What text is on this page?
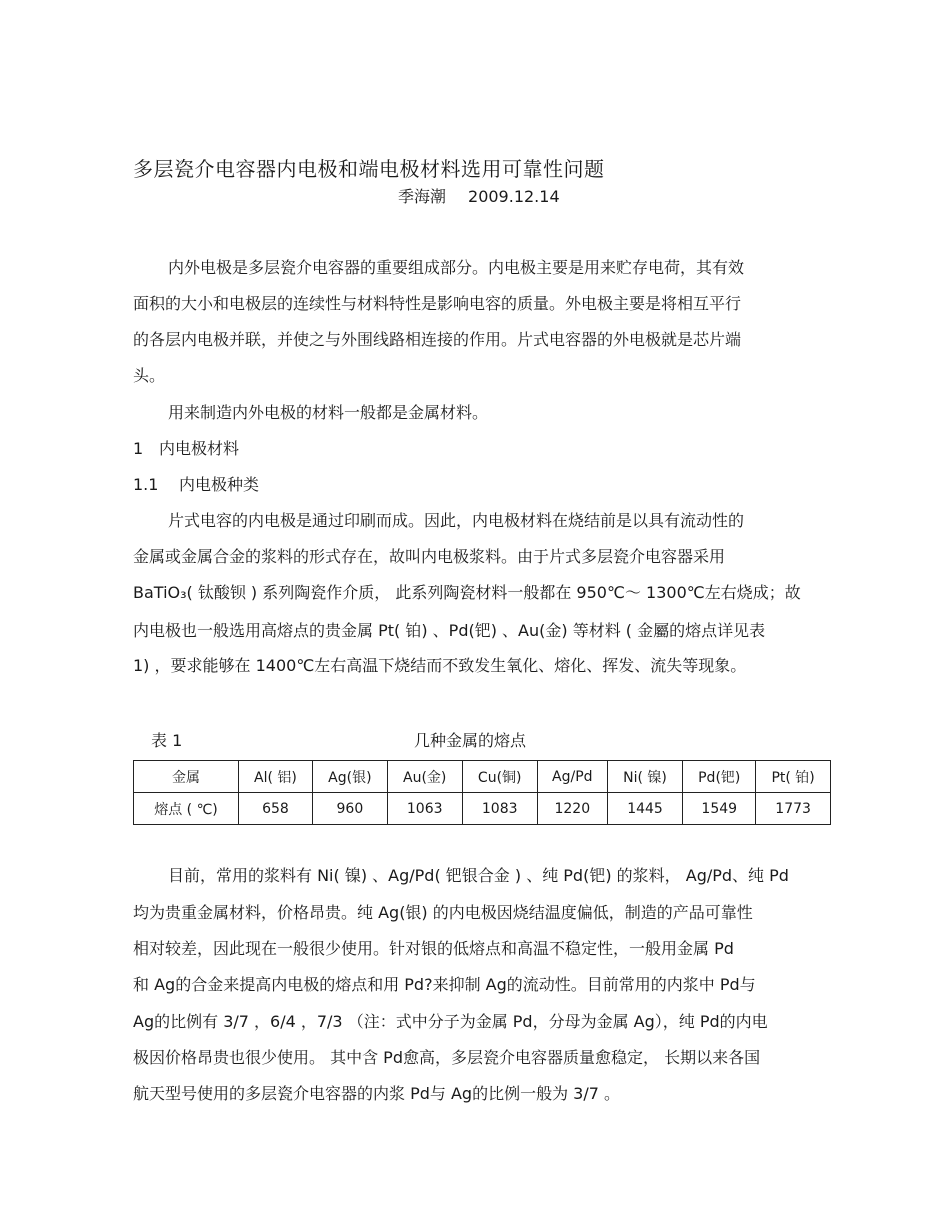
多层瓷介电容器内电极和端电极材料选用可靠性问题
季海潮 2009.12.14
内外电极是多层瓷介电容器的重要组成部分。内电极主要是用来贮存电荷，其有效
面积的大小和电极层的连续性与材料特性是影响电容的质量。外电极主要是将相互平行
的各层内电极并联，并使之与外围线路相连接的作用。片式电容器的外电极就是芯片端
头。
用来制造内外电极的材料一般都是金属材料。
1 内电极材料
1.1 内电极种类
片式电容的内电极是通过印刷而成。因此，内电极材料在烧结前是以具有流动性的
金属或金属合金的浆料的形式存在，故叫内电极浆料。由于片式多层瓷介电容器采用
BaTiO₃( 钛酸钡 ) 系列陶瓷作介质， 此系列陶瓷材料一般都在 950℃～ 1300℃左右烧成；故
内电极也一般选用高熔点的贵金属 Pt( 铂) 、Pd(钯) 、Au(金) 等材料 ( 金屬的熔点详见表
1) ，要求能够在 1400℃左右高温下烧结而不致发生氧化、熔化、挥发、流失等现象。
表 1	几种金属的熔点
金属	Al( 铝)	Ag(银)	Au(金)	Cu(铜)	Ag/Pd	Ni( 镍)	Pd(钯)	Pt( 铂)
熔点 ( ℃)	658	960	1063	1083	1220	1445	1549	1773
目前，常用的浆料有 Ni( 镍) 、Ag/Pd( 钯银合金 ) 、纯 Pd(钯) 的浆料， Ag/Pd、纯 Pd
均为贵重金属材料，价格昂贵。纯 Ag(银) 的内电极因烧结温度偏低，制造的产品可靠性
相对较差，因此现在一般很少使用。针对银的低熔点和高温不稳定性，一般用金属 Pd
和 Ag的合金来提高内电极的熔点和用 Pd?来抑制 Ag的流动性。目前常用的内浆中 Pd与
Ag的比例有 3/7 ，6/4 ，7/3 （注：式中分子为金属 Pd，分母为金属 Ag），纯 Pd的内电
极因价格昂贵也很少使用。 其中含 Pd愈高，多层瓷介电容器质量愈稳定， 长期以来各国
航天型号使用的多层瓷介电容器的内浆 Pd与 Ag的比例一般为 3/7 。
